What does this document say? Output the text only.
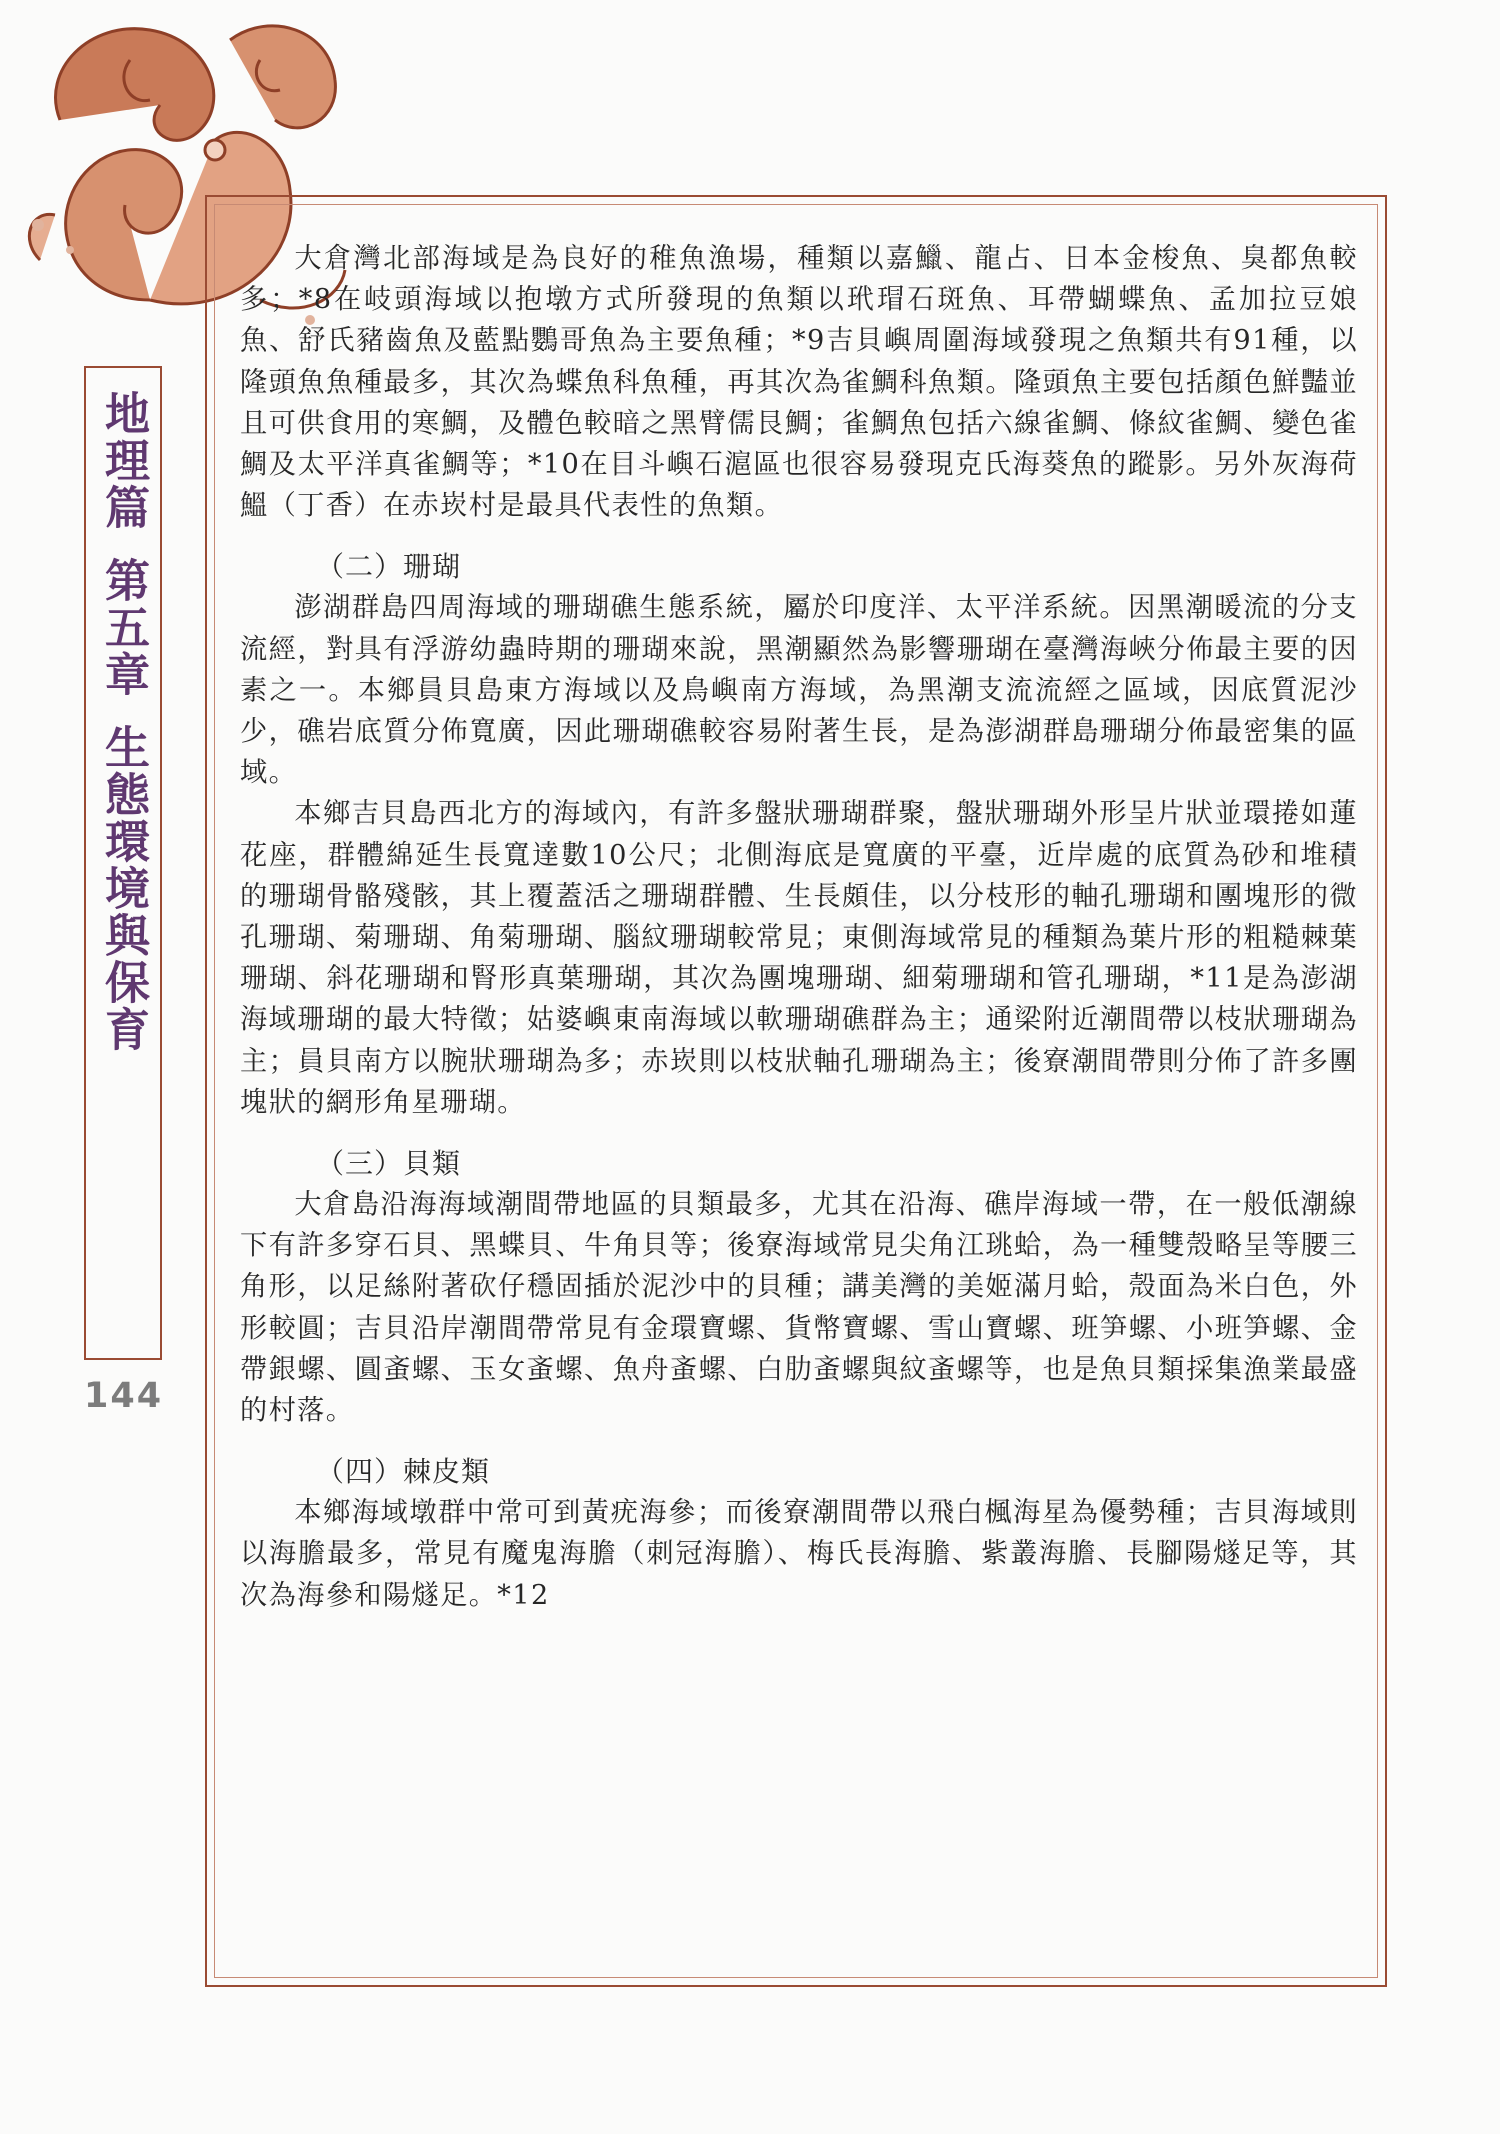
地理篇
第五章
生態環境與保育
144

大倉灣北部海域是為良好的稚魚漁場，種類以嘉鱲、龍占、日本金梭魚、臭都魚較多；*8在岐頭海域以抱墩方式所發現的魚類以玳瑁石斑魚、耳帶蝴蝶魚、孟加拉豆娘魚、舒氏豬齒魚及藍點鸚哥魚為主要魚種；*9吉貝嶼周圍海域發現之魚類共有91種，以隆頭魚魚種最多，其次為蝶魚科魚種，再其次為雀鯛科魚類。隆頭魚主要包括顏色鮮豔並且可供食用的寒鯛，及體色較暗之黑臂儒艮鯛；雀鯛魚包括六線雀鯛、條紋雀鯛、變色雀鯛及太平洋真雀鯛等；*10在目斗嶼石滬區也很容易發現克氏海葵魚的蹤影。另外灰海荷鰮（丁香）在赤崁村是最具代表性的魚類。

（二）珊瑚

澎湖群島四周海域的珊瑚礁生態系統，屬於印度洋、太平洋系統。因黑潮暖流的分支流經，對具有浮游幼蟲時期的珊瑚來說，黑潮顯然為影響珊瑚在臺灣海峽分佈最主要的因素之一。本鄉員貝島東方海域以及鳥嶼南方海域，為黑潮支流流經之區域，因底質泥沙少，礁岩底質分佈寬廣，因此珊瑚礁較容易附著生長，是為澎湖群島珊瑚分佈最密集的區域。

本鄉吉貝島西北方的海域內，有許多盤狀珊瑚群聚，盤狀珊瑚外形呈片狀並環捲如蓮花座，群體綿延生長寬達數10公尺；北側海底是寬廣的平臺，近岸處的底質為砂和堆積的珊瑚骨骼殘骸，其上覆蓋活之珊瑚群體、生長頗佳，以分枝形的軸孔珊瑚和團塊形的微孔珊瑚、菊珊瑚、角菊珊瑚、腦紋珊瑚較常見；東側海域常見的種類為葉片形的粗糙棘葉珊瑚、斜花珊瑚和腎形真葉珊瑚，其次為團塊珊瑚、細菊珊瑚和管孔珊瑚，*11是為澎湖海域珊瑚的最大特徵；姑婆嶼東南海域以軟珊瑚礁群為主；通梁附近潮間帶以枝狀珊瑚為主；員貝南方以腕狀珊瑚為多；赤崁則以枝狀軸孔珊瑚為主；後寮潮間帶則分佈了許多團塊狀的網形角星珊瑚。

（三）貝類

大倉島沿海海域潮間帶地區的貝類最多，尤其在沿海、礁岸海域一帶，在一般低潮線下有許多穿石貝、黑蝶貝、牛角貝等；後寮海域常見尖角江珧蛤，為一種雙殼略呈等腰三角形，以足絲附著砍仔穩固插於泥沙中的貝種；講美灣的美姬滿月蛤，殼面為米白色，外形較圓；吉貝沿岸潮間帶常見有金環寶螺、貨幣寶螺、雪山寶螺、班笋螺、小班笋螺、金帶銀螺、圓蚉螺、玉女蚉螺、魚舟蚉螺、白肋蚉螺與紋蚉螺等，也是魚貝類採集漁業最盛的村落。

（四）棘皮類

本鄉海域墩群中常可到黃疣海參；而後寮潮間帶以飛白楓海星為優勢種；吉貝海域則以海膽最多，常見有魔鬼海膽（刺冠海膽）、梅氏長海膽、紫叢海膽、長腳陽燧足等，其次為海參和陽燧足。*12
